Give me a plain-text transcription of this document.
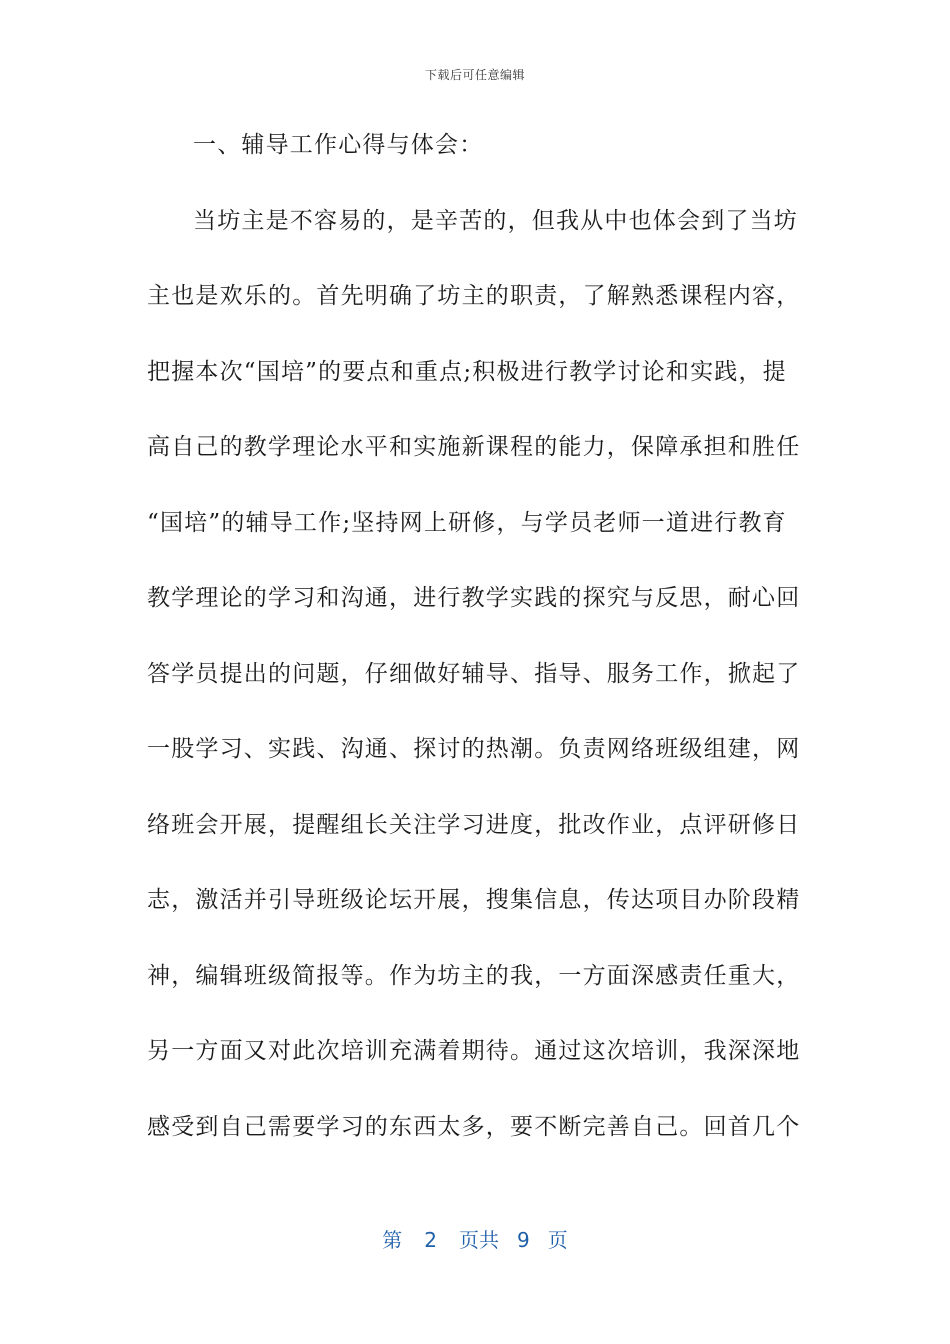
下载后可任意编辑
一、辅导工作心得与体会：
当坊主是不容易的，是辛苦的，但我从中也体会到了当坊
主也是欢乐的。首先明确了坊主的职责，了解熟悉课程内容，
把握本次“国培”的要点和重点;积极进行教学讨论和实践，提
高自己的教学理论水平和实施新课程的能力，保障承担和胜任
“国培”的辅导工作;坚持网上研修，与学员老师一道进行教育
教学理论的学习和沟通，进行教学实践的探究与反思，耐心回
答学员提出的问题，仔细做好辅导、指导、服务工作，掀起了
一股学习、实践、沟通、探讨的热潮。负责网络班级组建，网
络班会开展，提醒组长关注学习进度，批改作业，点评研修日
志，激活并引导班级论坛开展，搜集信息，传达项目办阶段精
神，编辑班级简报等。作为坊主的我，一方面深感责任重大，
另一方面又对此次培训充满着期待。通过这次培训，我深深地
感受到自己需要学习的东西太多，要不断完善自己。回首几个
第 2 页共 9 页
